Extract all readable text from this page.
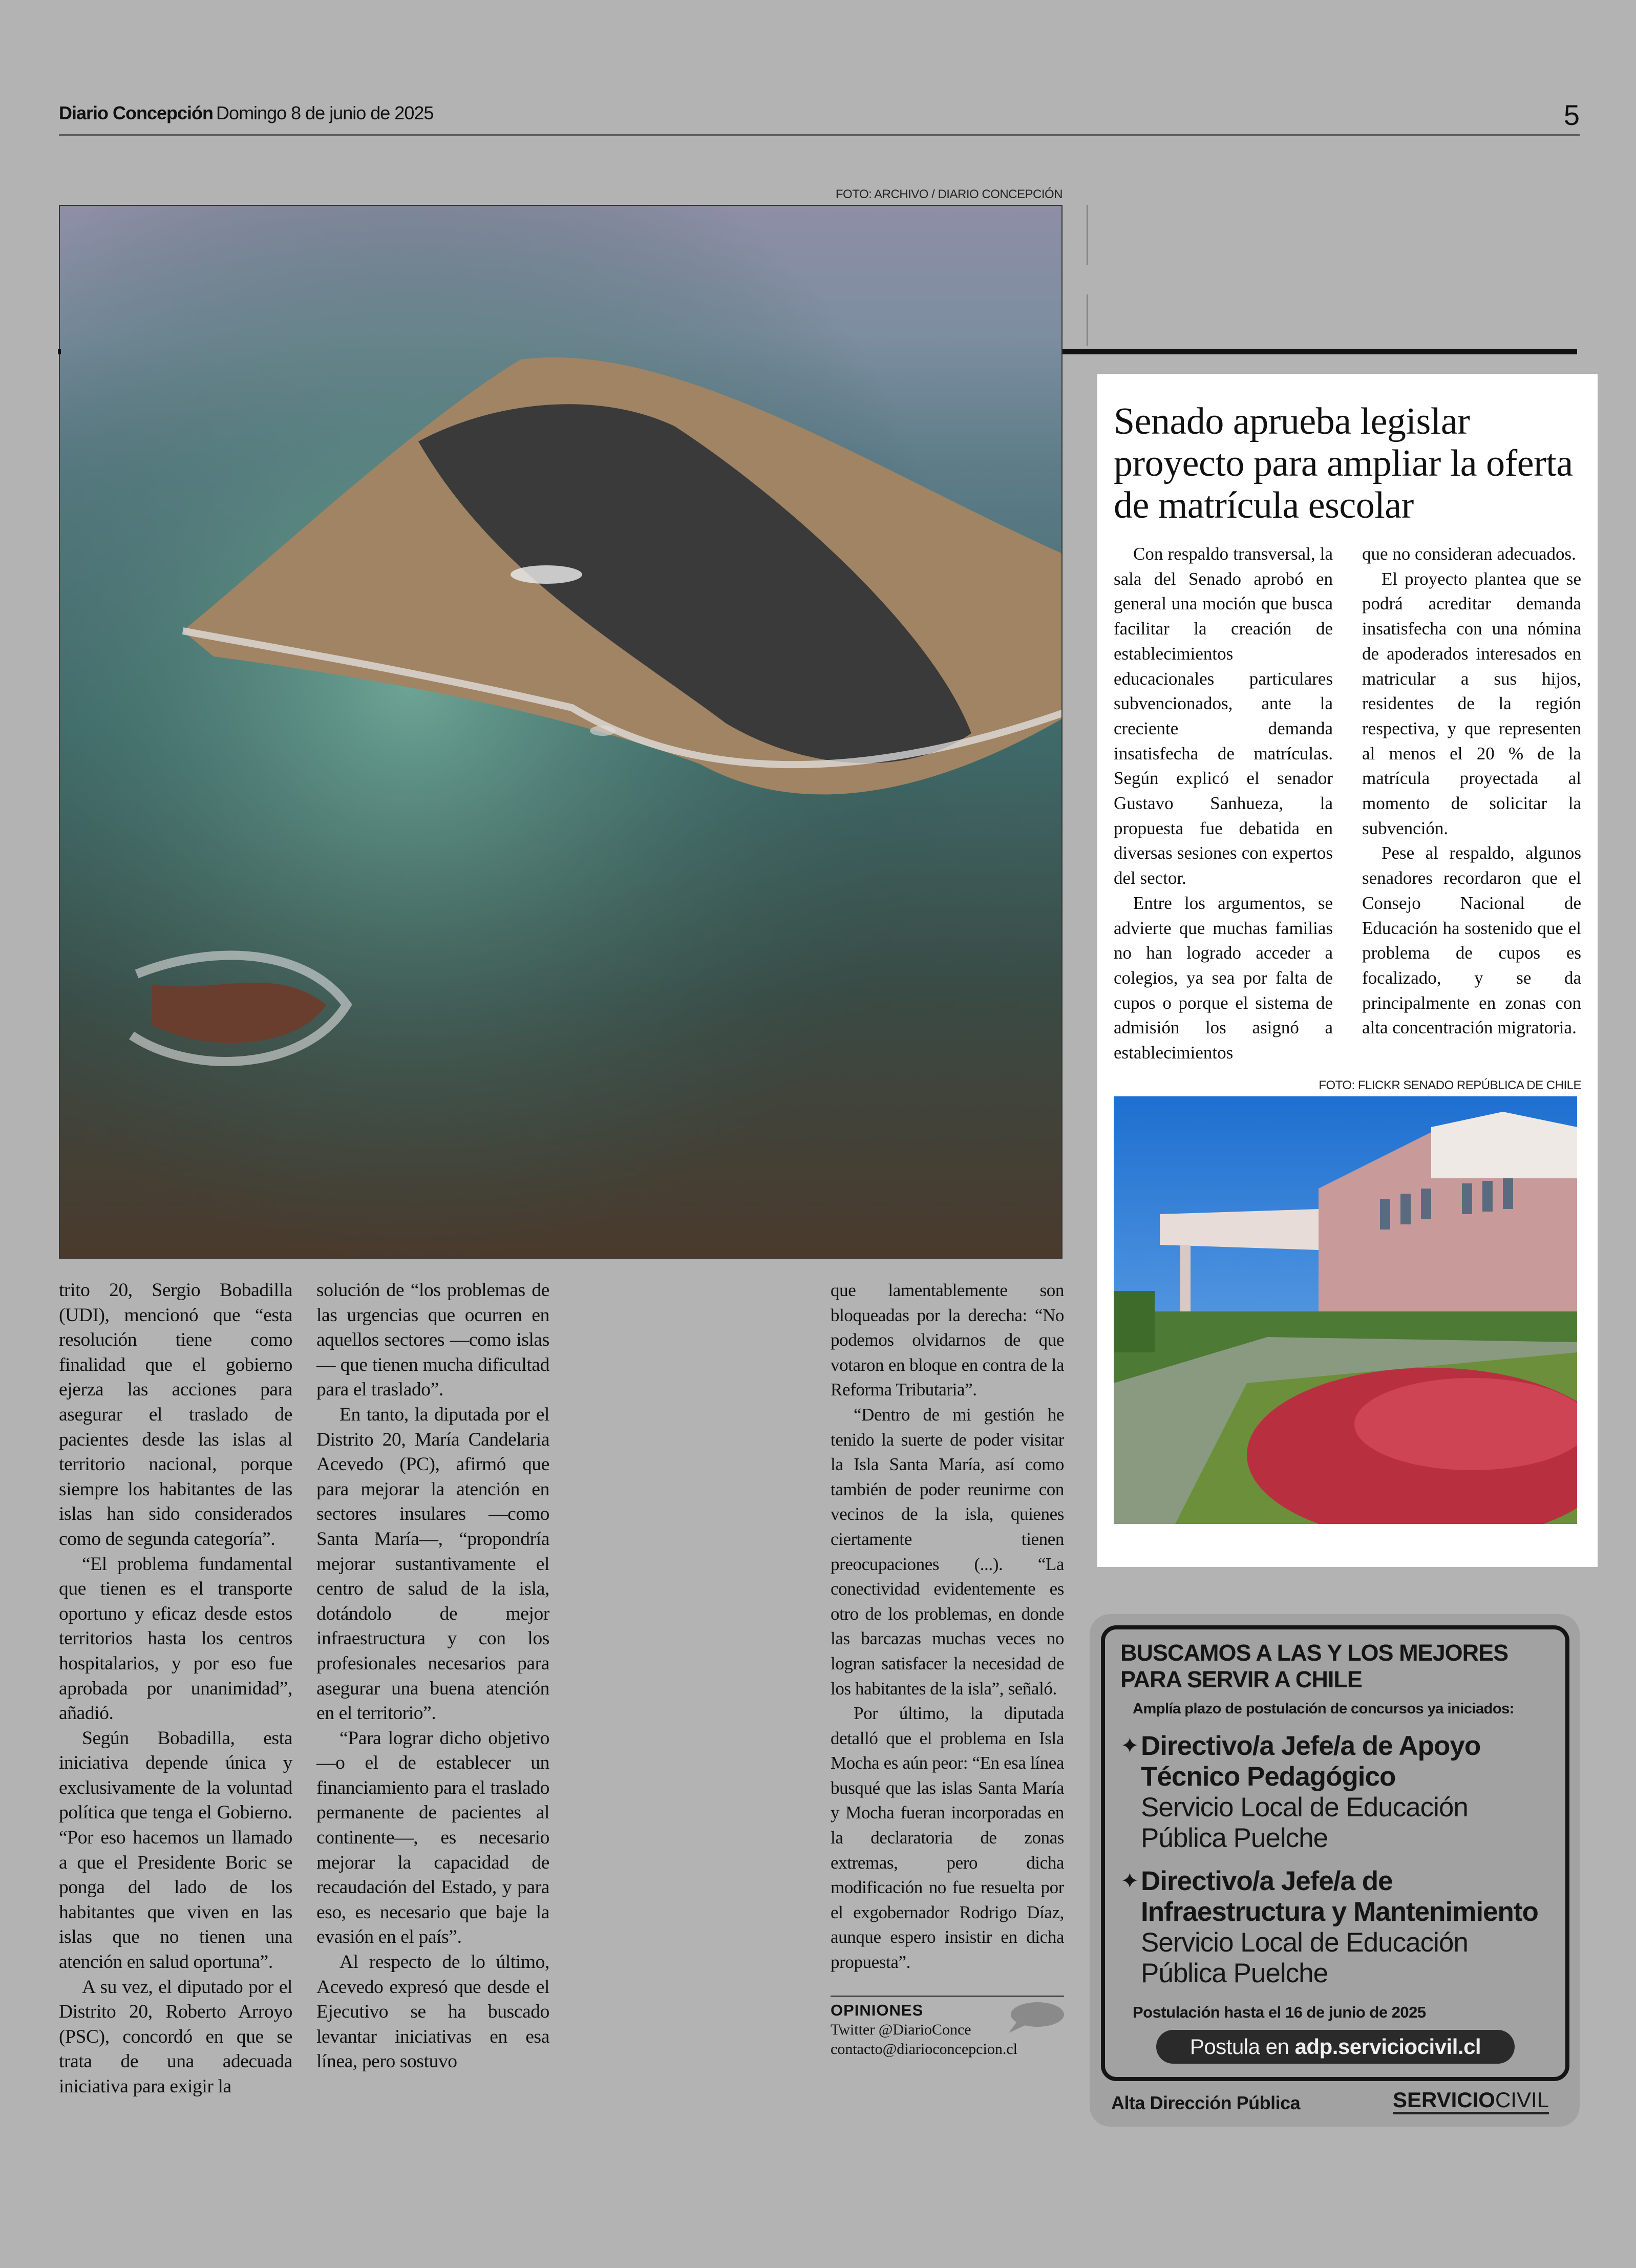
Diario Concepción Domingo 8 de junio de 2025	5
FOTO: ARCHIVO / DIARIO CONCEPCIÓN

trito 20, Sergio Bobadilla (UDI), mencionó que “esta resolución tiene como finalidad que el gobierno ejerza las acciones para asegurar el traslado de pacientes desde las islas al territorio nacional, porque siempre los habitantes de las islas han sido considerados como de segunda categoría”.

“El problema fundamental que tienen es el transporte oportuno y eficaz desde estos territorios hasta los centros hospitalarios, y por eso fue aprobada por unanimidad”, añadió.

Según Bobadilla, esta iniciativa depende única y exclusivamente de la voluntad política que tenga el Gobierno. “Por eso hacemos un llamado a que el Presidente Boric se ponga del lado de los habitantes que viven en las islas que no tienen una atención en salud oportuna”.

A su vez, el diputado por el Distrito 20, Roberto Arroyo (PSC), concordó en que se trata de una adecuada iniciativa para exigir la

solución de “los problemas de las urgencias que ocurren en aquellos sectores —como islas— que tienen mucha dificultad para el traslado”.

En tanto, la diputada por el Distrito 20, María Candelaria Acevedo (PC), afirmó que para mejorar la atención en sectores insulares —como Santa María—, “propondría mejorar sustantivamente el centro de salud de la isla, dotándolo de mejor infraestructura y con los profesionales necesarios para asegurar una buena atención en el territorio”.

“Para lograr dicho objetivo —o el de establecer un financiamiento para el traslado permanente de pacientes al continente—, es necesario mejorar la capacidad de recaudación del Estado, y para eso, es necesario que baje la evasión en el país”.

Al respecto de lo último, Acevedo expresó que desde el Ejecutivo se ha buscado levantar iniciativas en esa línea, pero sostuvo

que lamentablemente son bloqueadas por la derecha: “No podemos olvidarnos de que votaron en bloque en contra de la Reforma Tributaria”.

“Dentro de mi gestión he tenido la suerte de poder visitar la Isla Santa María, así como también de poder reunirme con vecinos de la isla, quienes ciertamente tienen preocupaciones (...). “La conectividad evidentemente es otro de los problemas, en donde las barcazas muchas veces no logran satisfacer la necesidad de los habitantes de la isla”, señaló.

Por último, la diputada detalló que el problema en Isla Mocha es aún peor: “En esa línea busqué que las islas Santa María y Mocha fueran incorporadas en la declaratoria de zonas extremas, pero dicha modificación no fue resuelta por el exgobernador Rodrigo Díaz, aunque espero insistir en dicha propuesta”.

OPINIONES
Twitter @DiarioConce
contacto@diarioconcepcion.cl
Senado aprueba legislar proyecto para ampliar la oferta de matrícula escolar

Con respaldo transversal, la sala del Senado aprobó en general una moción que busca facilitar la creación de establecimientos educacionales particulares subvencionados, ante la creciente demanda insatisfecha de matrículas. Según explicó el senador Gustavo Sanhueza, la propuesta fue debatida en diversas sesiones con expertos del sector.

Entre los argumentos, se advierte que muchas familias no han logrado acceder a colegios, ya sea por falta de cupos o porque el sistema de admisión los asignó a establecimientos

que no consideran adecuados.

El proyecto plantea que se podrá acreditar demanda insatisfecha con una nómina de apoderados interesados en matricular a sus hijos, residentes de la región respectiva, y que representen al menos el 20 % de la matrícula proyectada al momento de solicitar la subvención.

Pese al respaldo, algunos senadores recordaron que el Consejo Nacional de Educación ha sostenido que el problema de cupos es focalizado, y se da principalmente en zonas con alta concentración migratoria.

FOTO: FLICKR SENADO REPÚBLICA DE CHILE
BUSCAMOS A LAS Y LOS MEJORES
PARA SERVIR A CHILE
Amplía plazo de postulación de concursos ya iniciados:
✦ Directivo/a Jefe/a de Apoyo
Técnico Pedagógico
Servicio Local de Educación
Pública Puelche
✦ Directivo/a Jefe/a de
Infraestructura y Mantenimiento
Servicio Local de Educación
Pública Puelche
Postulación hasta el 16 de junio de 2025
Postula en adp.serviciocivil.cl
Alta Dirección Pública	SERVICIOCIVIL
